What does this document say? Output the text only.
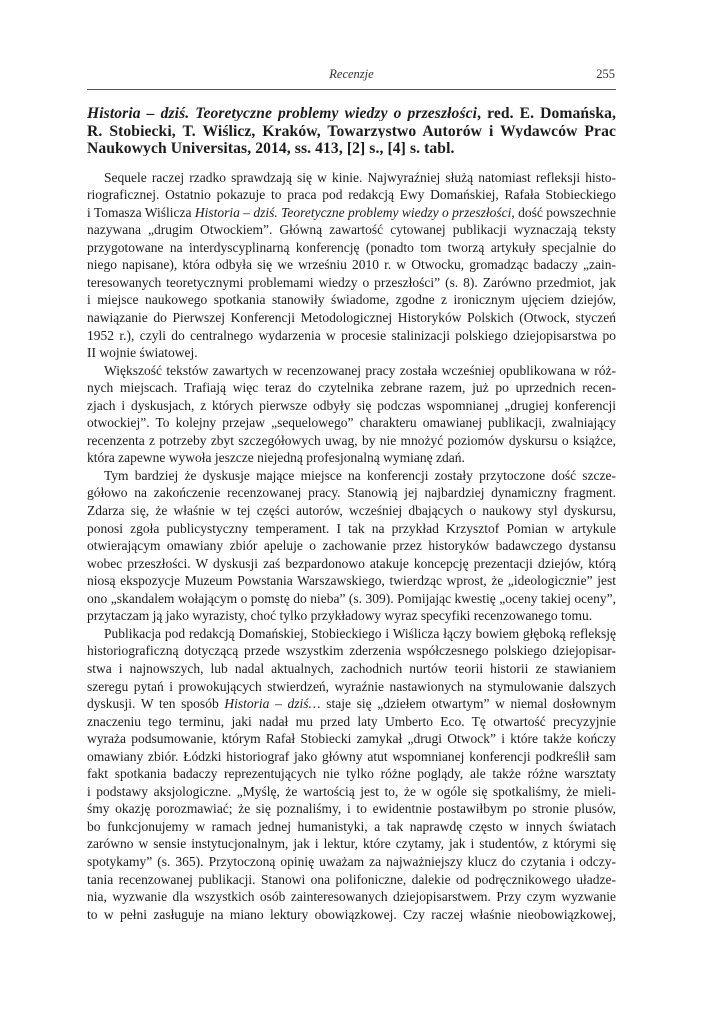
Recenzje	255
Historia – dziś. Teoretyczne problemy wiedzy o przeszłości, red. E. Domańska,
R. Stobiecki, T. Wiślicz, Kraków, Towarzystwo Autorów i Wydawców Prac
Naukowych Universitas, 2014, ss. 413, [2] s., [4] s. tabl.
Sequele raczej rzadko sprawdzają się w kinie. Najwyraźniej służą natomiast refleksji histo-
riograficznej. Ostatnio pokazuje to praca pod redakcją Ewy Domańskiej, Rafała Stobieckiego
i Tomasza Wiślicza Historia – dziś. Teoretyczne problemy wiedzy o przeszłości, dość powszechnie
nazywana „drugim Otwockiem”. Główną zawartość cytowanej publikacji wyznaczają teksty
przygotowane na interdyscyplinarną konferencję (ponadto tom tworzą artykuły specjalnie do
niego napisane), która odbyła się we wrześniu 2010 r. w Otwocku, gromadząc badaczy „zain-
teresowanych teoretycznymi problemami wiedzy o przeszłości” (s. 8). Zarówno przedmiot, jak
i miejsce naukowego spotkania stanowiły świadome, zgodne z ironicznym ujęciem dziejów,
nawiązanie do Pierwszej Konferencji Metodologicznej Historyków Polskich (Otwock, styczeń
1952 r.), czyli do centralnego wydarzenia w procesie stalinizacji polskiego dziejopisarstwa po
II wojnie światowej.
Większość tekstów zawartych w recenzowanej pracy została wcześniej opublikowana w róż-
nych miejscach. Trafiają więc teraz do czytelnika zebrane razem, już po uprzednich recen-
zjach i dyskusjach, z których pierwsze odbyły się podczas wspomnianej „drugiej konferencji
otwockiej”. To kolejny przejaw „sequelowego” charakteru omawianej publikacji, zwalniający
recenzenta z potrzeby zbyt szczegółowych uwag, by nie mnożyć poziomów dyskursu o książce,
która zapewne wywoła jeszcze niejedną profesjonalną wymianę zdań.
Tym bardziej że dyskusje mające miejsce na konferencji zostały przytoczone dość szcze-
gółowo na zakończenie recenzowanej pracy. Stanowią jej najbardziej dynamiczny fragment.
Zdarza się, że właśnie w tej części autorów, wcześniej dbających o naukowy styl dyskursu,
ponosi zgoła publicystyczny temperament. I tak na przykład Krzysztof Pomian w artykule
otwierającym omawiany zbiór apeluje o zachowanie przez historyków badawczego dystansu
wobec przeszłości. W dyskusji zaś bezpardonowo atakuje koncepcję prezentacji dziejów, którą
niosą ekspozycje Muzeum Powstania Warszawskiego, twierdząc wprost, że „ideologicznie” jest
ono „skandalem wołającym o pomstę do nieba” (s. 309). Pomijając kwestię „oceny takiej oceny”,
przytaczam ją jako wyrazisty, choć tylko przykładowy wyraz specyfiki recenzowanego tomu.
Publikacja pod redakcją Domańskiej, Stobieckiego i Wiślicza łączy bowiem głęboką refleksję
historiograficzną dotyczącą przede wszystkim zderzenia współczesnego polskiego dziejopisar-
stwa i najnowszych, lub nadal aktualnych, zachodnich nurtów teorii historii ze stawianiem
szeregu pytań i prowokujących stwierdzeń, wyraźnie nastawionych na stymulowanie dalszych
dyskusji. W ten sposób Historia – dziś… staje się „dziełem otwartym” w niemal dosłownym
znaczeniu tego terminu, jaki nadał mu przed laty Umberto Eco. Tę otwartość precyzyjnie
wyraża podsumowanie, którym Rafał Stobiecki zamykał „drugi Otwock” i które także kończy
omawiany zbiór. Łódzki historiograf jako główny atut wspomnianej konferencji podkreślił sam
fakt spotkania badaczy reprezentujących nie tylko różne poglądy, ale także różne warsztaty
i podstawy aksjologiczne. „Myślę, że wartością jest to, że w ogóle się spotkaliśmy, że mieli-
śmy okazję porozmawiać; że się poznaliśmy, i to ewidentnie postawiłbym po stronie plusów,
bo funkcjonujemy w ramach jednej humanistyki, a tak naprawdę często w innych światach
zarówno w sensie instytucjonalnym, jak i lektur, które czytamy, jak i studentów, z którymi się
spotykamy” (s. 365). Przytoczoną opinię uważam za najważniejszy klucz do czytania i odczy-
tania recenzowanej publikacji. Stanowi ona polifoniczne, dalekie od podręcznikowego uładze-
nia, wyzwanie dla wszystkich osób zainteresowanych dziejopisarstwem. Przy czym wyzwanie
to w pełni zasługuje na miano lektury obowiązkowej. Czy raczej właśnie nieobowiązkowej,
